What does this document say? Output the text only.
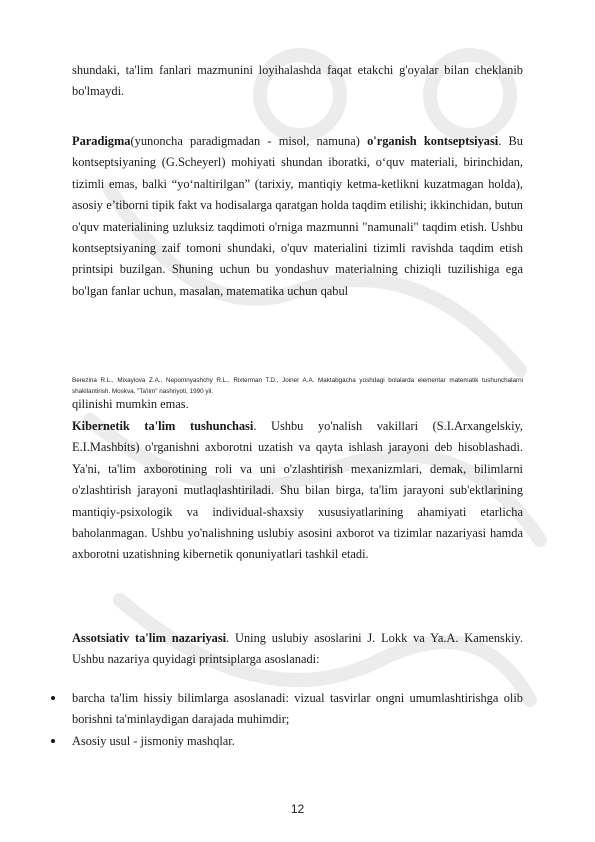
shundaki, ta'lim fanlari mazmunini loyihalashda faqat etakchi g'oyalar bilan cheklanib bo'lmaydi.

Paradigma(yunoncha paradigmadan - misol, namuna) o'rganish kontseptsiyasi. Bu kontseptsiyaning (G.Scheyerl) mohiyati shundan iboratki, o‘quv materiali, birinchidan, tizimli emas, balki “yo‘naltirilgan” (tarixiy, mantiqiy ketma-ketlikni kuzatmagan holda), asosiy e’tiborni tipik fakt va hodisalarga qaratgan holda taqdim etilishi; ikkinchidan, butun o'quv materialining uzluksiz taqdimoti o'rniga mazmunni "namunali" taqdim etish. Ushbu kontseptsiyaning zaif tomoni shundaki, o'quv materialini tizimli ravishda taqdim etish printsipi buzilgan. Shuning uchun bu yondashuv materialning chiziqli tuzilishiga ega bo'lgan fanlar uchun, masalan, matematika uchun qabul

Berezina R.L., Mixaylova Z.A., Nepomnyashchy R.L., Rixterman T.D., Joiner A.A. Maktabgacha yoshdagi bolalarda elementar matematik tushunchalarni shakllantirish. Moskva, "Ta'lim" nashriyoti, 1990 yil.

qilinishi mumkin emas.

Kibernetik ta'lim tushunchasi. Ushbu yo'nalish vakillari (S.I.Arxangelskiy, E.I.Mashbits) o'rganishni axborotni uzatish va qayta ishlash jarayoni deb hisoblashadi. Ya'ni, ta'lim axborotining roli va uni o'zlashtirish mexanizmlari, demak, bilimlarni o'zlashtirish jarayoni mutlaqlashtiriladi. Shu bilan birga, ta'lim jarayoni sub'ektlarining mantiqiy-psixologik va individual-shaxsiy xususiyatlarining ahamiyati etarlicha baholanmagan. Ushbu yo'nalishning uslubiy asosini axborot va tizimlar nazariyasi hamda axborotni uzatishning kibernetik qonuniyatlari tashkil etadi.

Assotsiativ ta'lim nazariyasi. Uning uslubiy asoslarini J. Lokk va Ya.A. Kamenskiy. Ushbu nazariya quyidagi printsiplarga asoslanadi:

barcha ta'lim hissiy bilimlarga asoslanadi: vizual tasvirlar ongni umumlashtirishga olib borishni ta'minlaydigan darajada muhimdir;

Asosiy usul - jismoniy mashqlar.

12
